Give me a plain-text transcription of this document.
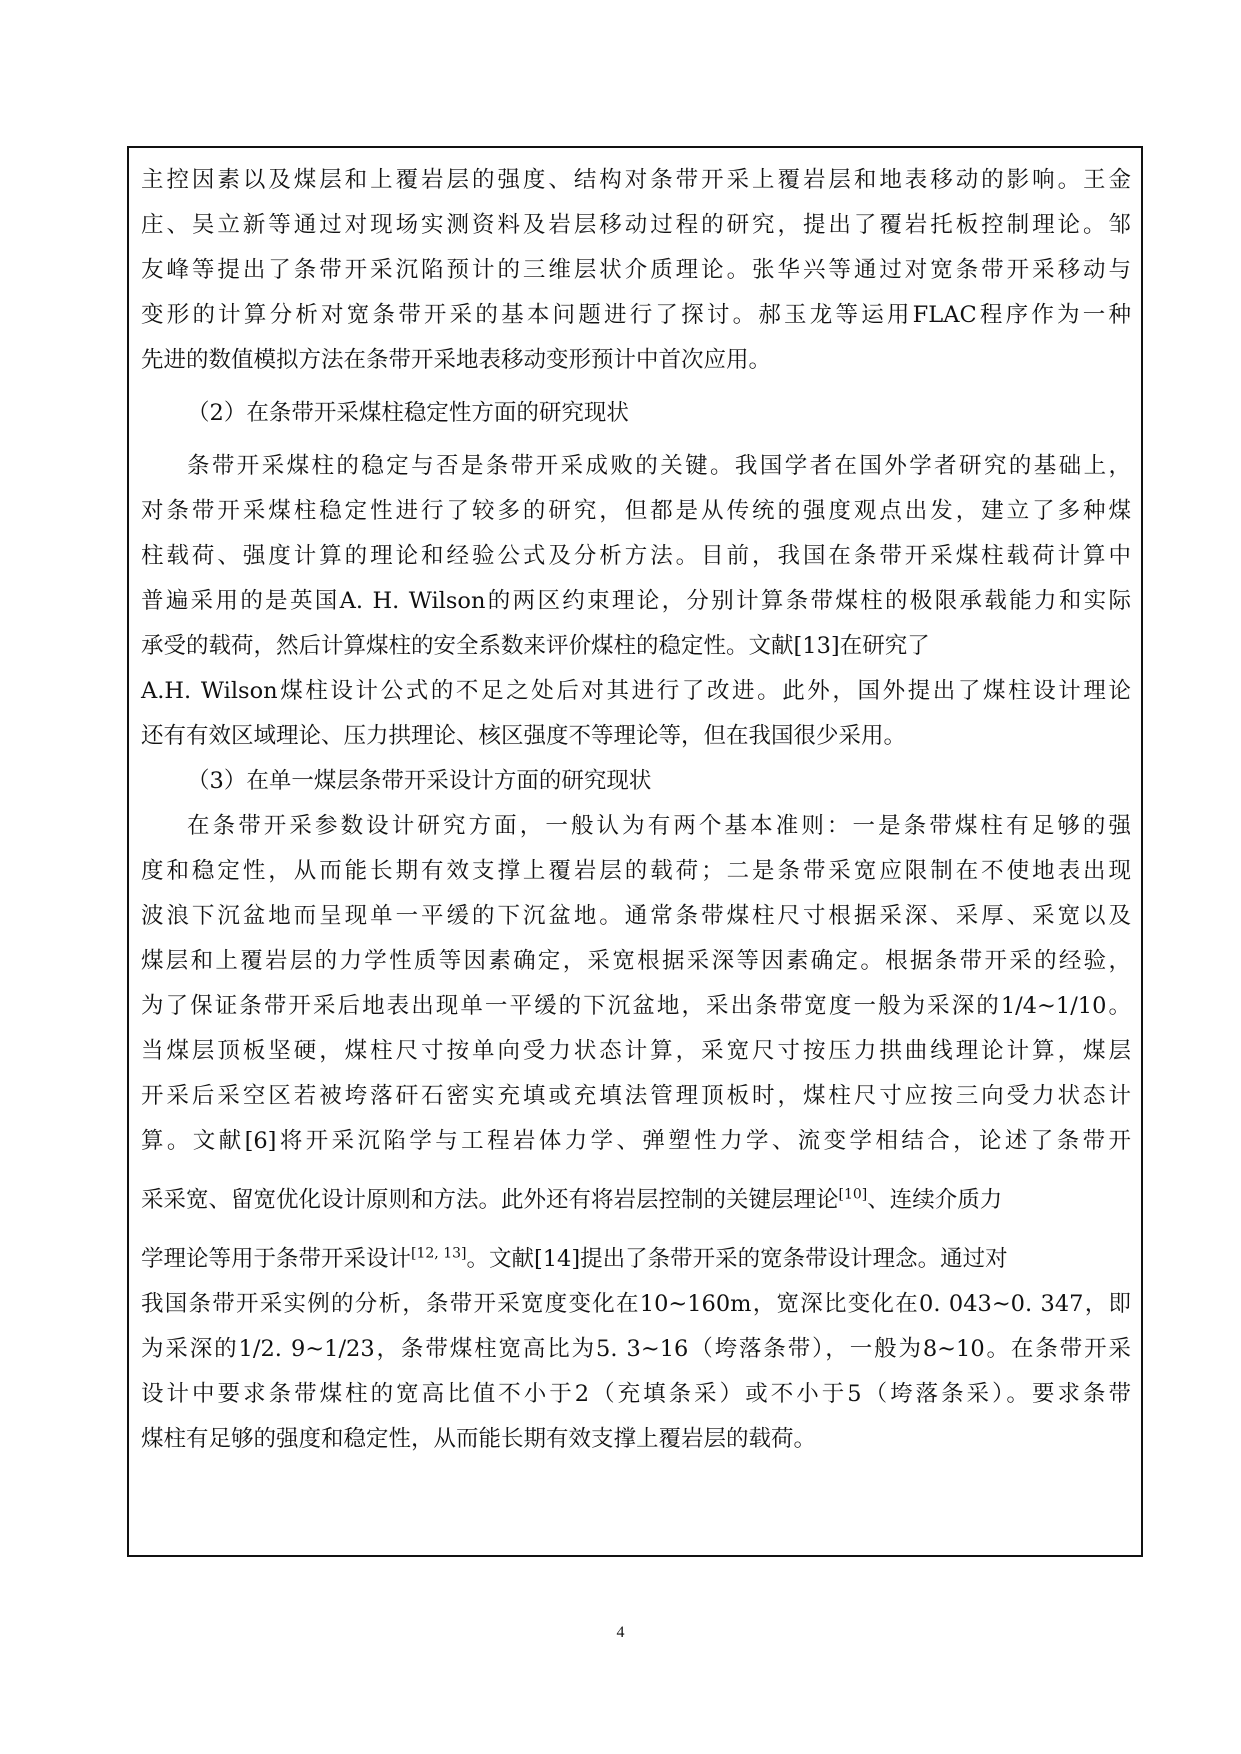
主控因素以及煤层和上覆岩层的强度、结构对条带开采上覆岩层和地表移动的影响。王金
庄、吴立新等通过对现场实测资料及岩层移动过程的研究，提出了覆岩托板控制理论。邹
友峰等提出了条带开采沉陷预计的三维层状介质理论。张华兴等通过对宽条带开采移动与
变形的计算分析对宽条带开采的基本问题进行了探讨。郝玉龙等运用FLAC程序作为一种
先进的数值模拟方法在条带开采地表移动变形预计中首次应用。
（2）在条带开采煤柱稳定性方面的研究现状
条带开采煤柱的稳定与否是条带开采成败的关键。我国学者在国外学者研究的基础上，
对条带开采煤柱稳定性进行了较多的研究，但都是从传统的强度观点出发，建立了多种煤
柱载荷、强度计算的理论和经验公式及分析方法。目前，我国在条带开采煤柱载荷计算中
普遍采用的是英国A. H. Wilson的两区约束理论，分别计算条带煤柱的极限承载能力和实际
承受的载荷，然后计算煤柱的安全系数来评价煤柱的稳定性。文献[13]在研究了
A.H. Wilson煤柱设计公式的不足之处后对其进行了改进。此外，国外提出了煤柱设计理论
还有有效区域理论、压力拱理论、核区强度不等理论等，但在我国很少采用。
（3）在单一煤层条带开采设计方面的研究现状
在条带开采参数设计研究方面，一般认为有两个基本准则：一是条带煤柱有足够的强
度和稳定性，从而能长期有效支撑上覆岩层的载荷；二是条带采宽应限制在不使地表出现
波浪下沉盆地而呈现单一平缓的下沉盆地。通常条带煤柱尺寸根据采深、采厚、采宽以及
煤层和上覆岩层的力学性质等因素确定，采宽根据采深等因素确定。根据条带开采的经验，
为了保证条带开采后地表出现单一平缓的下沉盆地，采出条带宽度一般为采深的1/4~1/10。
当煤层顶板坚硬，煤柱尺寸按单向受力状态计算，采宽尺寸按压力拱曲线理论计算，煤层
开采后采空区若被垮落矸石密实充填或充填法管理顶板时，煤柱尺寸应按三向受力状态计
算。文献[6]将开采沉陷学与工程岩体力学、弹塑性力学、流变学相结合，论述了条带开
采采宽、留宽优化设计原则和方法。此外还有将岩层控制的关键层理论[10]、连续介质力
学理论等用于条带开采设计[12, 13]。文献[14]提出了条带开采的宽条带设计理念。通过对
我国条带开采实例的分析，条带开采宽度变化在10~160m，宽深比变化在0. 043~0. 347，即
为采深的1/2. 9~1/23，条带煤柱宽高比为5. 3~16（垮落条带），一般为8~10。在条带开采
设计中要求条带煤柱的宽高比值不小于2（充填条采）或不小于5（垮落条采）。要求条带
煤柱有足够的强度和稳定性，从而能长期有效支撑上覆岩层的载荷。
4
